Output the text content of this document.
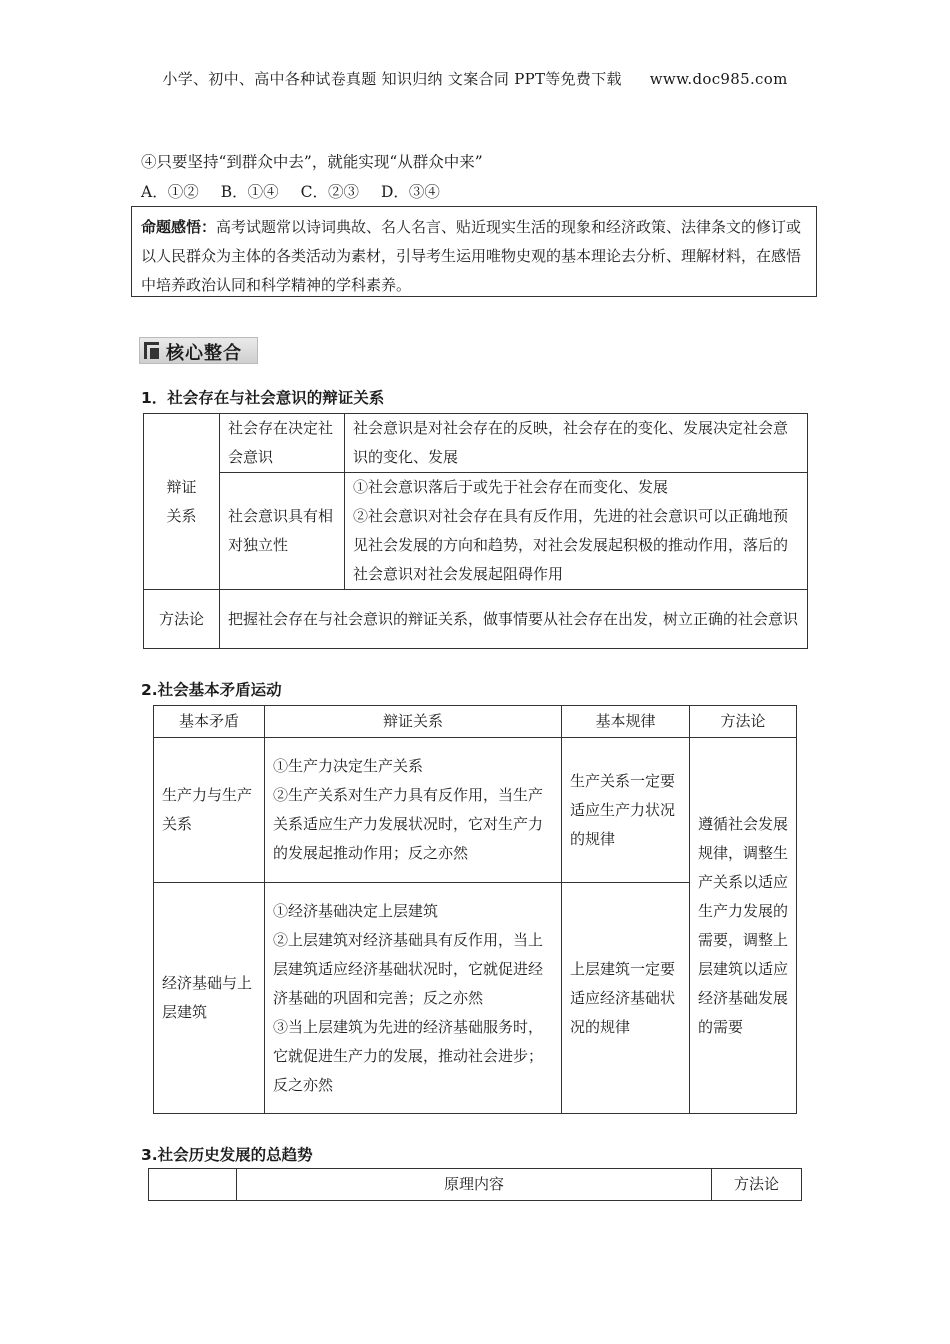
小学、初中、高中各种试卷真题 知识归纳 文案合同 PPT等免费下载 www.doc985.com
④只要坚持“到群众中去”，就能实现“从群众中来”
A．①② B．①④ C．②③ D．③④
命题感悟：高考试题常以诗词典故、名人名言、贴近现实生活的现象和经济政策、法律条文的修订或以人民群众为主体的各类活动为素材，引导考生运用唯物史观的基本理论去分析、理解材料，在感悟中培养政治认同和科学精神的学科素养。
核心整合
1．社会存在与社会意识的辩证关系
辩证
关系	社会存在决定社会意识	社会意识是对社会存在的反映，社会存在的变化、发展决定社会意识的变化、发展
	社会意识具有相对独立性	①社会意识落后于或先于社会存在而变化、发展
②社会意识对社会存在具有反作用，先进的社会意识可以正确地预见社会发展的方向和趋势，对社会发展起积极的推动作用，落后的社会意识对社会发展起阻碍作用

方法论	把握社会存在与社会意识的辩证关系，做事情要从社会存在出发，树立正确的社会意识	
2.社会基本矛盾运动
基本矛盾	辩证关系	基本规律	方法论
生产力与生产关系	①生产力决定生产关系
②生产关系对生产力具有反作用，当生产关系适应生产力发展状况时，它对生产力的发展起推动作用；反之亦然	生产关系一定要适应生产力状况的规律	遵循社会发展规律，调整生产关系以适应生产力发展的需要，调整上层建筑以适应经济基础发展的需要
经济基础与上层建筑	①经济基础决定上层建筑
②上层建筑对经济基础具有反作用，当上层建筑适应经济基础状况时，它就促进经济基础的巩固和完善；反之亦然
③当上层建筑为先进的经济基础服务时，它就促进生产力的发展，推动社会进步；反之亦然	上层建筑一定要适应经济基础状况的规律	
3.社会历史发展的总趋势
	原理内容	方法论
